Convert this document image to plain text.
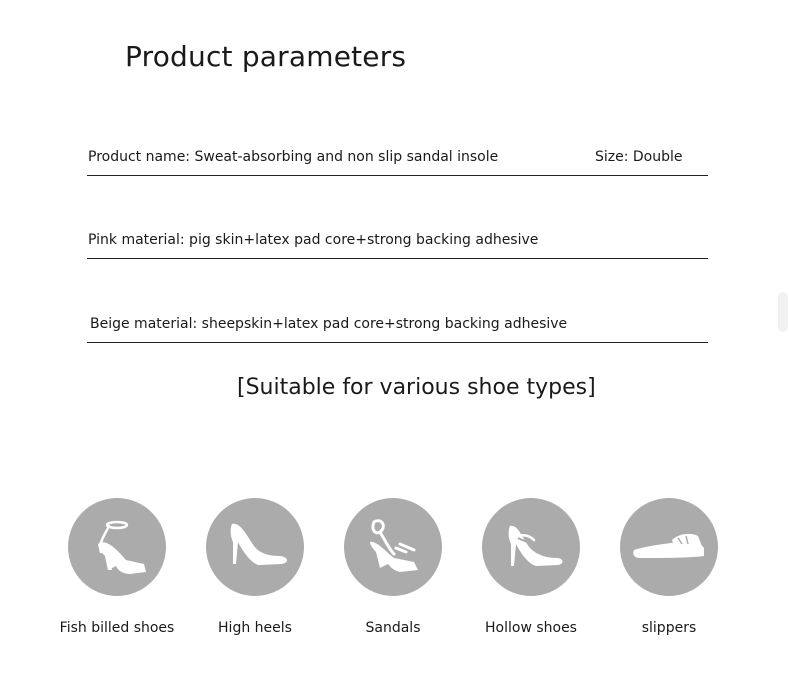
Product parameters
Product name: Sweat-absorbing and non slip sandal insole	Size: Double
Pink material: pig skin+latex pad core+strong backing adhesive
Beige material: sheepskin+latex pad core+strong backing adhesive
[Suitable for various shoe types]
Fish billed shoes	High heels	Sandals	Hollow shoes	slippers
